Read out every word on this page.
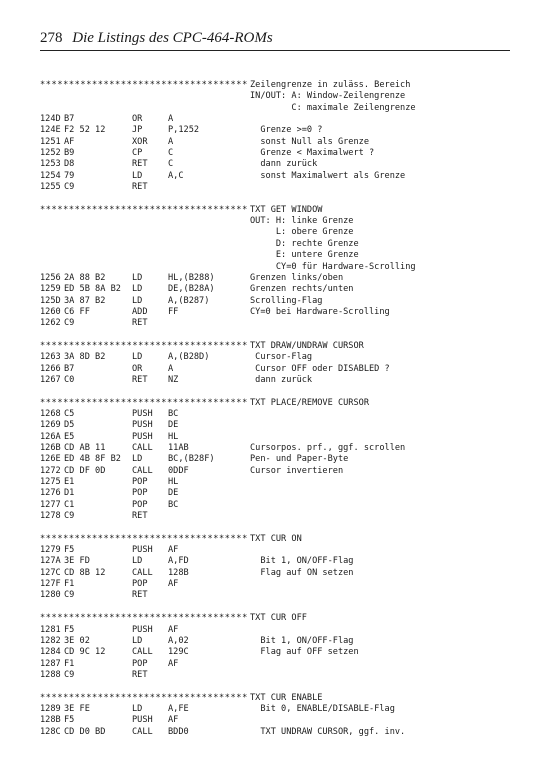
278 Die Listings des CPC-464-ROMs
************************************ Zeilengrenze in zuläss. Bereich
IN/OUT: A: Window-Zeilengrenze
C: maximale Zeilengrenze
124D B7	OR	A
124E F2 52 12	JP	P,1252	Grenze >=0 ?
1251 AF	XOR A	sonst Null als Grenze
1252 B9	CP	C	Grenze < Maximalwert ?
1253 D8	RET C	dann zurück
1254 79	LD	A,C	sonst Maximalwert als Grenze
1255 C9	RET
************************************ TXT GET WINDOW
OUT: H: linke Grenze
L: obere Grenze
D: rechte Grenze
E: untere Grenze
CY=0 für Hardware-Scrolling
1256 2A 88 B2	LD	HL,(B288)	Grenzen links/oben
1259 ED 5B 8A B2 LD	DE,(B28A)	Grenzen rechts/unten
125D 3A 87 B2	LD	A,(B287)	Scrolling-Flag
1260 C6 FF	ADD FF	CY=0 bei Hardware-Scrolling
1262 C9	RET
************************************ TXT DRAW/UNDRAW CURSOR
1263 3A 8D B2	LD	A,(B28D)	Cursor-Flag
1266 B7	OR	A	Cursor OFF oder DISABLED ?
1267 C0	RET NZ	dann zurück
************************************ TXT PLACE/REMOVE CURSOR
1268 C5	PUSH BC
1269 D5	PUSH DE
126A E5	PUSH HL
126B CD AB 11	CALL 11AB	Cursorpos. prf., ggf. scrollen
126E ED 4B 8F B2 LD	BC,(B28F)	Pen- und Paper-Byte
1272 CD DF 0D	CALL 0DDF	Cursor invertieren
1275 E1	POP HL
1276 D1	POP DE
1277 C1	POP BC
1278 C9	RET
************************************ TXT CUR ON
1279 F5	PUSH AF
127A 3E FD	LD	A,FD	Bit 1, ON/OFF-Flag
127C CD 8B 12	CALL 128B	Flag auf ON setzen
127F F1	POP AF
1280 C9	RET
************************************ TXT CUR OFF
1281 F5	PUSH AF
1282 3E 02	LD	A,02	Bit 1, ON/OFF-Flag
1284 CD 9C 12	CALL 129C	Flag auf OFF setzen
1287 F1	POP AF
1288 C9	RET
************************************ TXT CUR ENABLE
1289 3E FE	LD	A,FE	Bit 0, ENABLE/DISABLE-Flag
128B F5	PUSH AF
128C CD D0 BD	CALL BDD0	TXT UNDRAW CURSOR, ggf. inv.
